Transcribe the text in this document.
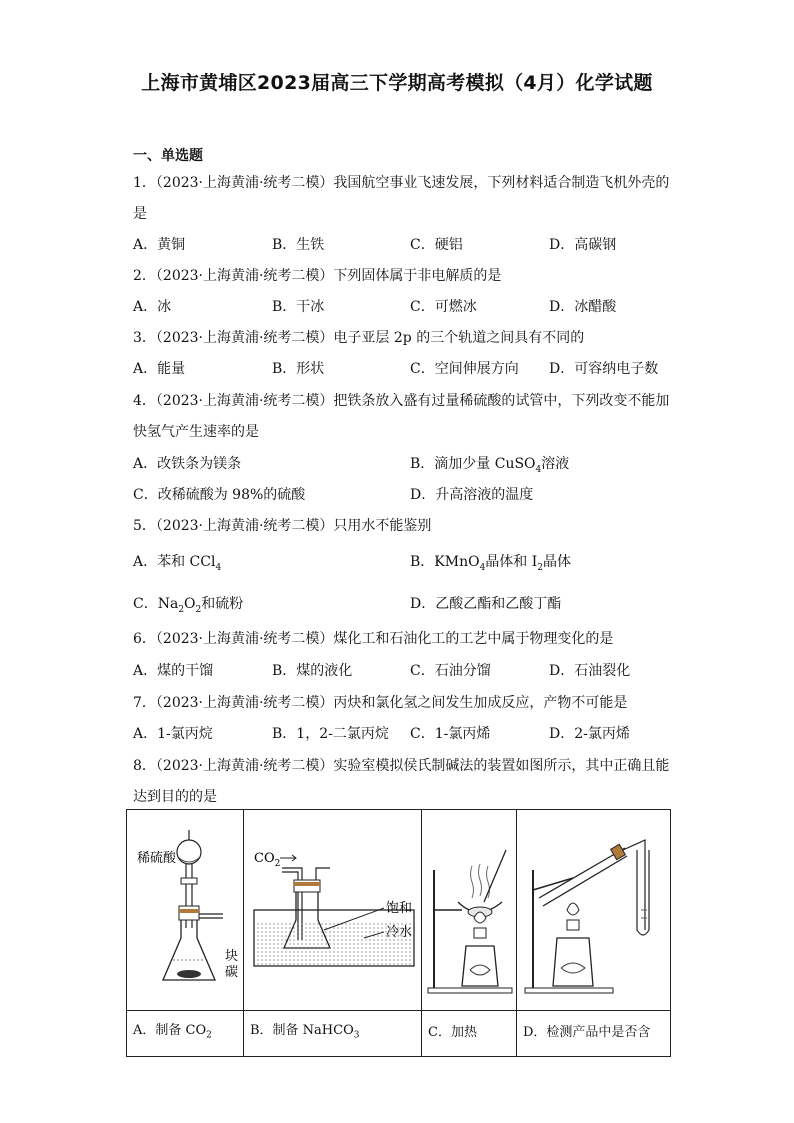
上海市黄埔区2023届高三下学期高考模拟（4月）化学试题
一、单选题
1．（2023·上海黄浦·统考二模）我国航空事业飞速发展，下列材料适合制造飞机外壳的
是
A．黄铜	B．生铁	C．硬铝	D．高碳钢
2．（2023·上海黄浦·统考二模）下列固体属于非电解质的是
A．冰	B．干冰	C．可燃冰	D．冰醋酸
3．（2023·上海黄浦·统考二模）电子亚层 2p 的三个轨道之间具有不同的
A．能量	B．形状	C．空间伸展方向 D．可容纳电子数
4．（2023·上海黄浦·统考二模）把铁条放入盛有过量稀硫酸的试管中，下列改变不能加
快氢气产生速率的是
A．改铁条为镁条	B．滴加少量 CuSO$_4$溶液
C．改稀硫酸为 98%的硫酸	D．升高溶液的温度
5．（2023·上海黄浦·统考二模）只用水不能鉴别
A．苯和 CCl$_4$	B．KMnO$_4$晶体和 $I_2$晶体
C．$Na_2O_2$和硫粉	D．乙酸乙酯和乙酸丁酯
6．（2023·上海黄浦·统考二模）煤化工和石油化工的工艺中属于物理变化的是
A．煤的干馏	B．煤的液化	C．石油分馏	D．石油裂化
7．（2023·上海黄浦·统考二模）丙炔和氯化氢之间发生加成反应，产物不可能是
A．1-氯丙烷	B．1，2-二氯丙烷 C．1-氯丙烯	D．2-氯丙烯
8．（2023·上海黄浦·统考二模）实验室模拟侯氏制碱法的装置如图所示，其中正确且能
达到目的的是
稀硫酸
块
碳	$CO_2$
饱和
冷水

A．制备 $CO_2$	B．制备 NaHCO$_3$	C．加热	D．检测产品中是否含
